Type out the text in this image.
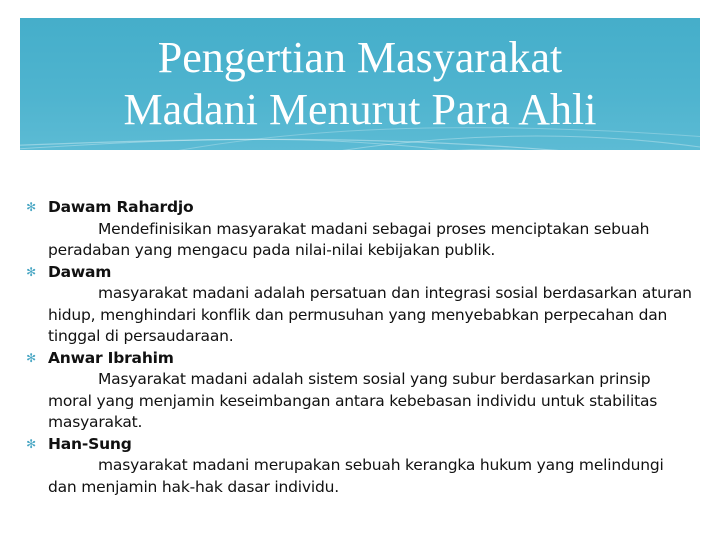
Pengertian Masyarakat
Madani Menurut Para Ahli
✻ Dawam Rahardjo
Mendefinisikan masyarakat madani sebagai proses menciptakan sebuah peradaban yang mengacu pada nilai-nilai kebijakan publik.
✻ Dawam
masyarakat madani adalah persatuan dan integrasi sosial berdasarkan aturan hidup, menghindari konflik dan permusuhan yang menyebabkan perpecahan dan tinggal di persaudaraan.
✻ Anwar Ibrahim
Masyarakat madani adalah sistem sosial yang subur berdasarkan prinsip moral yang menjamin keseimbangan antara kebebasan individu untuk stabilitas masyarakat.
✻ Han-Sung
masyarakat madani merupakan sebuah kerangka hukum yang melindungi dan menjamin hak-hak dasar individu.
